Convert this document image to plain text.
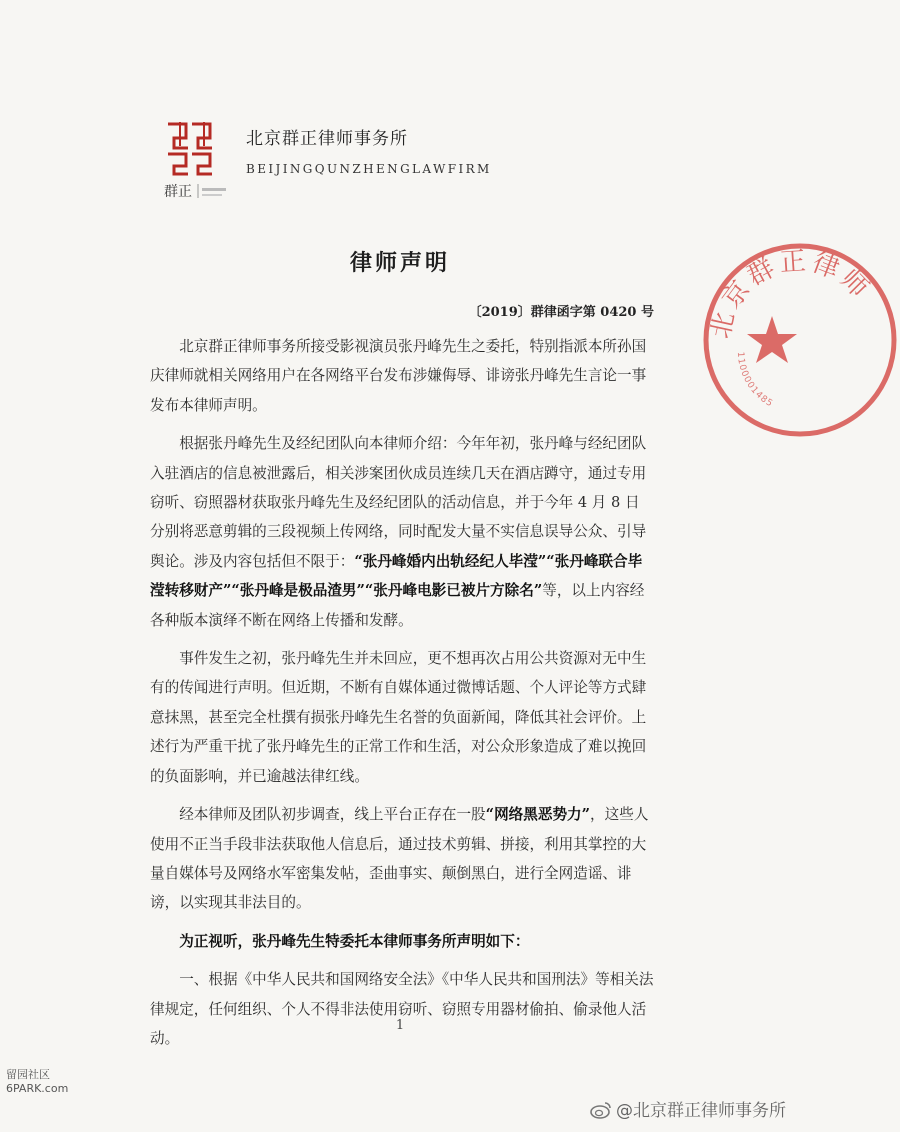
群正
北京群正律师事务所
BEIJINGQUNZHENGLAWFIRM
律师声明
〔2019〕群律函字第 0420 号

北京群正律师事务所接受影视演员张丹峰先生之委托，特别指派本所孙国庆律师就相关网络用户在各网络平台发布涉嫌侮辱、诽谤张丹峰先生言论一事发布本律师声明。

根据张丹峰先生及经纪团队向本律师介绍：今年年初，张丹峰与经纪团队入驻酒店的信息被泄露后，相关涉案团伙成员连续几天在酒店蹲守，通过专用窃听、窃照器材获取张丹峰先生及经纪团队的活动信息，并于今年 4 月 8 日分别将恶意剪辑的三段视频上传网络，同时配发大量不实信息误导公众、引导舆论。涉及内容包括但不限于：“张丹峰婚内出轨经纪人毕滢”“张丹峰联合毕滢转移财产”“张丹峰是极品渣男”“张丹峰电影已被片方除名”等，以上内容经各种版本演绎不断在网络上传播和发酵。

事件发生之初，张丹峰先生并未回应，更不想再次占用公共资源对无中生有的传闻进行声明。但近期，不断有自媒体通过微博话题、个人评论等方式肆意抹黑，甚至完全杜撰有损张丹峰先生名誉的负面新闻，降低其社会评价。上述行为严重干扰了张丹峰先生的正常工作和生活，对公众形象造成了难以挽回的负面影响，并已逾越法律红线。

经本律师及团队初步调查，线上平台正存在一股“网络黑恶势力”，这些人使用不正当手段非法获取他人信息后，通过技术剪辑、拼接，利用其掌控的大量自媒体号及网络水军密集发帖，歪曲事实、颠倒黑白，进行全网造谣、诽谤，以实现其非法目的。

为正视听，张丹峰先生特委托本律师事务所声明如下：

一、根据《中华人民共和国网络安全法》《中华人民共和国刑法》等相关法律规定，任何组织、个人不得非法使用窃听、窃照专用器材偷拍、偷录他人活动。

1
北京群正律师
1100001485
留园社区
6PARK.com
@北京群正律师事务所
